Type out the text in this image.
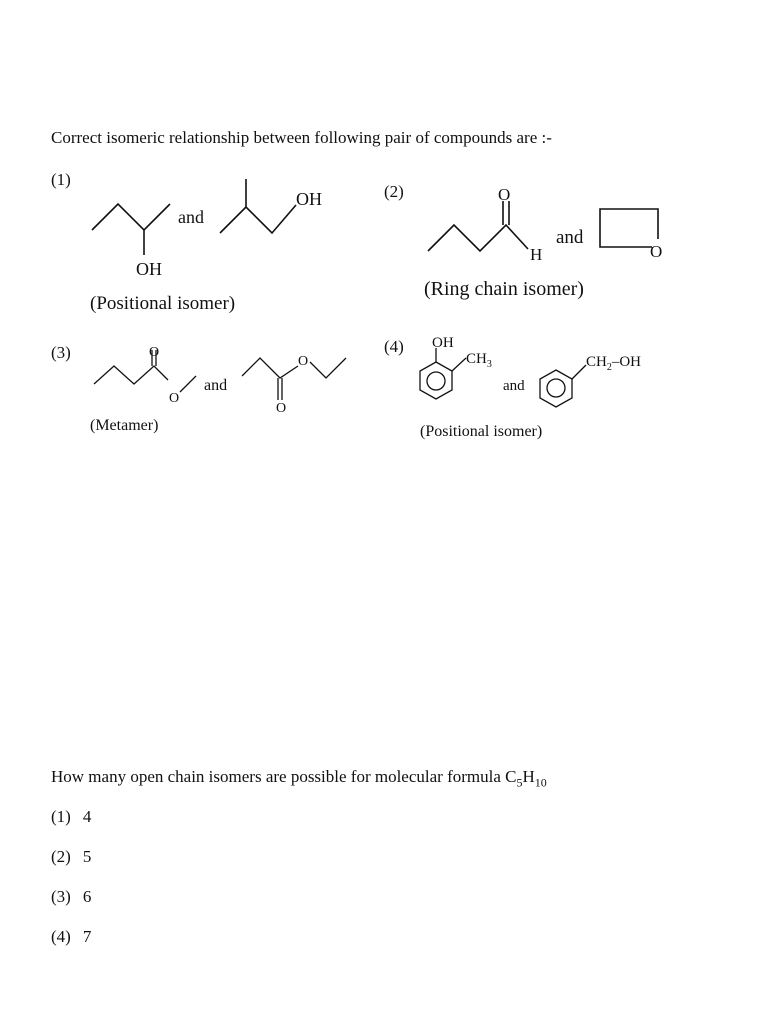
Correct isomeric relationship between following pair of compounds are :-
(1)
OH
and
OH
(Positional isomer)
(2)	O
H
and
O
(Ring chain isomer)
(3)	O
O
and
O
O
(Metamer)
(4) OH
$CH_3$
and
$CH_2-OH$
(Positional isomer)
How many open chain isomers are possible for molecular formula $C_5H_{10}$
(1) 4
(2) 5
(3) 6
(4) 7
